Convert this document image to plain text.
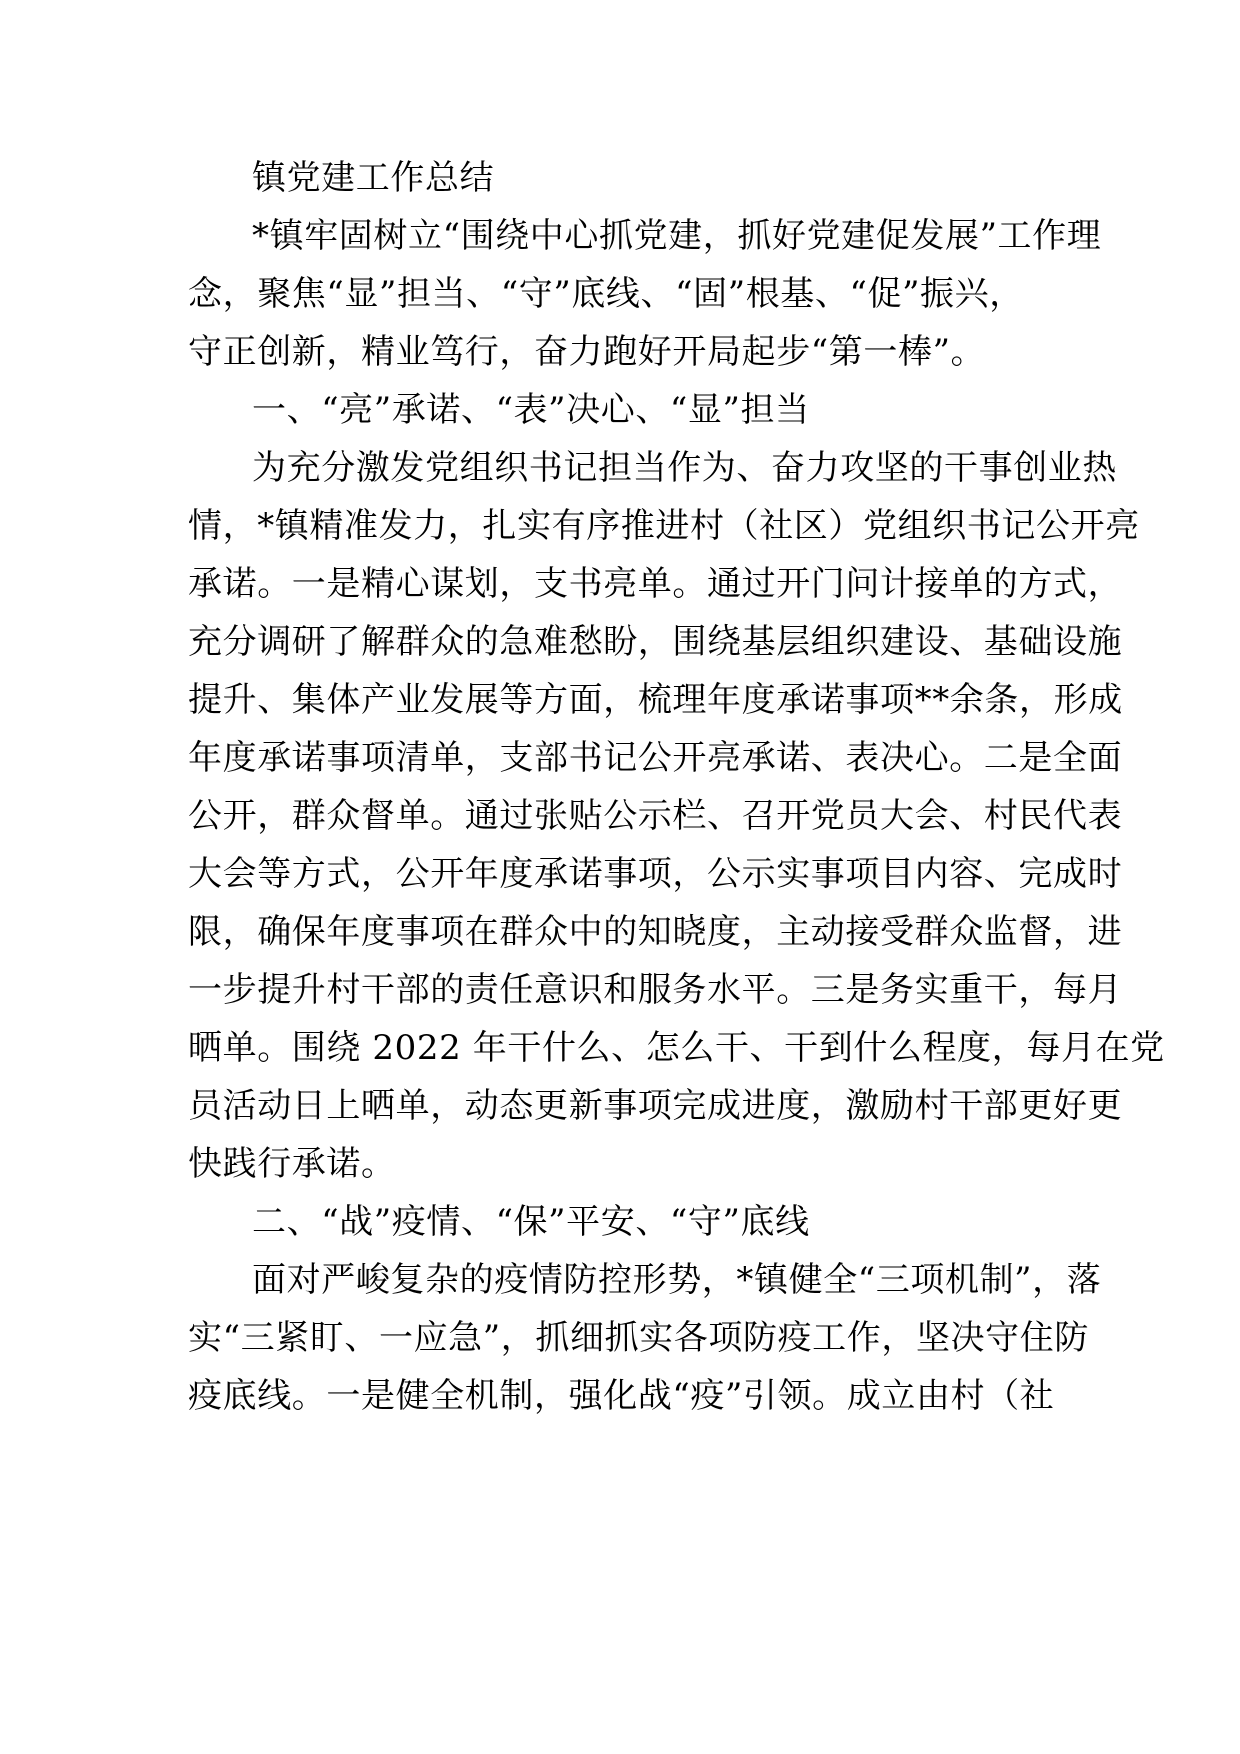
镇党建工作总结
*镇牢固树立“围绕中心抓党建，抓好党建促发展”工作理
念，聚焦“显”担当、“守”底线、“固”根基、“促”振兴，
守正创新，精业笃行，奋力跑好开局起步“第一棒”。
一、“亮”承诺、“表”决心、“显”担当
为充分激发党组织书记担当作为、奋力攻坚的干事创业热
情，*镇精准发力，扎实有序推进村（社区）党组织书记公开亮
承诺。一是精心谋划，支书亮单。通过开门问计接单的方式，
充分调研了解群众的急难愁盼，围绕基层组织建设、基础设施
提升、集体产业发展等方面，梳理年度承诺事项**余条，形成
年度承诺事项清单，支部书记公开亮承诺、表决心。二是全面
公开，群众督单。通过张贴公示栏、召开党员大会、村民代表
大会等方式，公开年度承诺事项，公示实事项目内容、完成时
限，确保年度事项在群众中的知晓度，主动接受群众监督，进
一步提升村干部的责任意识和服务水平。三是务实重干，每月
晒单。围绕 2022 年干什么、怎么干、干到什么程度，每月在党
员活动日上晒单，动态更新事项完成进度，激励村干部更好更
快践行承诺。
二、“战”疫情、“保”平安、“守”底线
面对严峻复杂的疫情防控形势，*镇健全“三项机制”，落
实“三紧盯、一应急”，抓细抓实各项防疫工作，坚决守住防
疫底线。一是健全机制，强化战“疫”引领。成立由村（社
